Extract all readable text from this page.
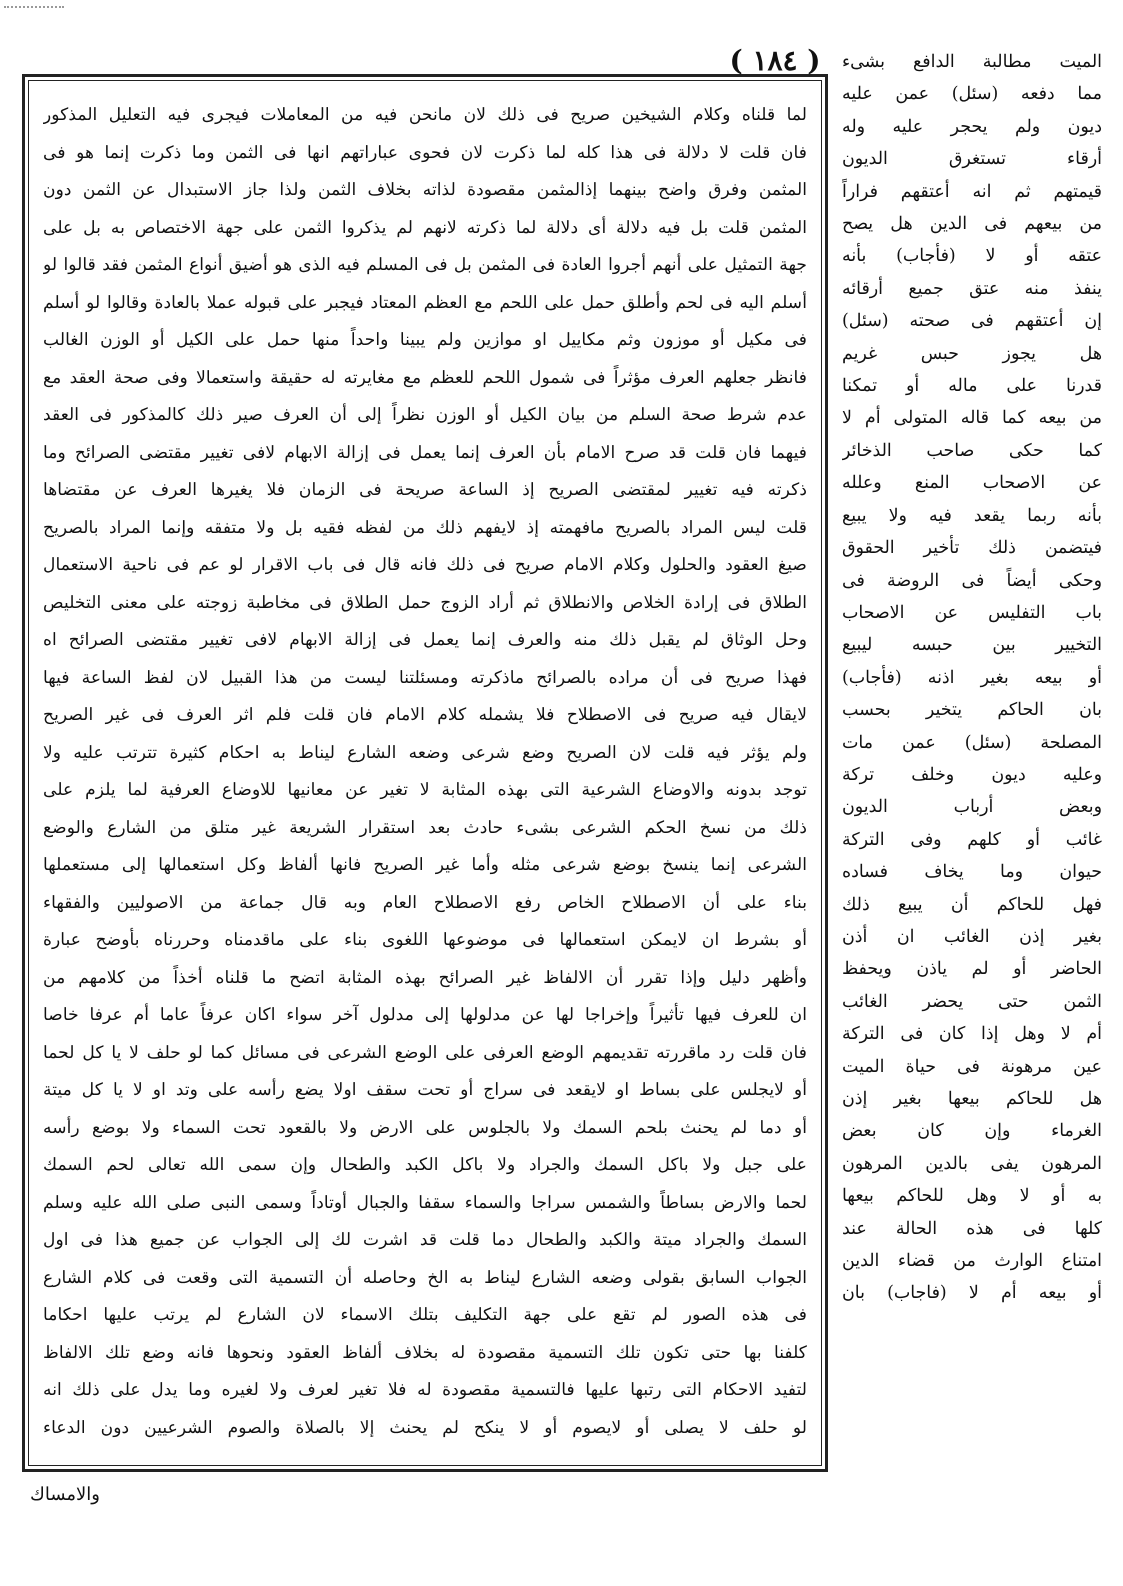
( ١٨٤ )

لما قلناه وكلام الشيخين صريح فى ذلك لان مانحن فيه من المعاملات فيجرى فيه التعليل المذكور
فان قلت لا دلالة فى هذا كله لما ذكرت لان فحوى عباراتهم انها فى الثمن وما ذكرت إنما هو فى
المثمن وفرق واضح بينهما إذالمثمن مقصودة لذاته بخلاف الثمن ولذا جاز الاستبدال عن الثمن دون
المثمن قلت بل فيه دلالة أى دلالة لما ذكرته لانهم لم يذكروا الثمن على جهة الاختصاص به بل على
جهة التمثيل على أنهم أجروا العادة فى المثمن بل فى المسلم فيه الذى هو أضيق أنواع المثمن فقد قالوا لو
أسلم اليه فى لحم وأطلق حمل على اللحم مع العظم المعتاد فيجبر على قبوله عملا بالعادة وقالوا لو أسلم
فى مكيل أو موزون وثم مكاييل او موازين ولم يبينا واحداً منها حمل على الكيل أو الوزن الغالب
فانظر جعلهم العرف مؤثراً فى شمول اللحم للعظم مع مغايرته له حقيقة واستعمالا وفى صحة العقد مع
عدم شرط صحة السلم من بيان الكيل أو الوزن نظراً إلى أن العرف صير ذلك كالمذكور فى العقد
فيهما فان قلت قد صرح الامام بأن العرف إنما يعمل فى إزالة الابهام لافى تغيير مقتضى الصرائح وما
ذكرته فيه تغيير لمقتضى الصريح إذ الساعة صريحة فى الزمان فلا يغيرها العرف عن مقتضاها
قلت ليس المراد بالصريح مافهمته إذ لايفهم ذلك من لفظه فقيه بل ولا متفقه وإنما المراد بالصريح
صيغ العقود والحلول وكلام الامام صريح فى ذلك فانه قال فى باب الاقرار لو عم فى ناحية الاستعمال
الطلاق فى إرادة الخلاص والانطلاق ثم أراد الزوج حمل الطلاق فى مخاطبة زوجته على معنى التخليص
وحل الوثاق لم يقبل ذلك منه والعرف إنما يعمل فى إزالة الابهام لافى تغيير مقتضى الصرائح اه
فهذا صريح فى أن مراده بالصرائح ماذكرته ومسئلتنا ليست من هذا القبيل لان لفظ الساعة فيها
لايقال فيه صريح فى الاصطلاح فلا يشمله كلام الامام فان قلت فلم اثر العرف فى غير الصريح
ولم يؤثر فيه قلت لان الصريح وضع شرعى وضعه الشارع ليناط به احكام كثيرة تترتب عليه ولا
توجد بدونه والاوضاع الشرعية التى بهذه المثابة لا تغير عن معانيها للاوضاع العرفية لما يلزم على
ذلك من نسخ الحكم الشرعى بشىء حادث بعد استقرار الشريعة غير متلق من الشارع والوضع
الشرعى إنما ينسخ بوضع شرعى مثله وأما غير الصريح فانها ألفاظ وكل استعمالها إلى مستعملها
بناء على أن الاصطلاح الخاص رفع الاصطلاح العام وبه قال جماعة من الاصوليين والفقهاء
أو بشرط ان لايمكن استعمالها فى موضوعها اللغوى بناء على ماقدمناه وحررناه بأوضح عبارة
وأظهر دليل وإذا تقرر أن الالفاظ غير الصرائح بهذه المثابة اتضح ما قلناه أخذاً من كلامهم من
ان للعرف فيها تأثيراً وإخراجا لها عن مدلولها إلى مدلول آخر سواء اكان عرفاً عاما أم عرفا خاصا
فان قلت رد ماقررته تقديمهم الوضع العرفى على الوضع الشرعى فى مسائل كما لو حلف لا يا كل لحما
أو لايجلس على بساط او لايقعد فى سراج أو تحت سقف اولا يضع رأسه على وتد او لا يا كل ميتة
أو دما لم يحنث بلحم السمك ولا بالجلوس على الارض ولا بالقعود تحت السماء ولا بوضع رأسه
على جبل ولا باكل السمك والجراد ولا باكل الكبد والطحال وإن سمى الله تعالى لحم السمك
لحما والارض بساطاً والشمس سراجا والسماء سقفا والجبال أوتاداً وسمى النبى صلى الله عليه وسلم
السمك والجراد ميتة والكبد والطحال دما قلت قد اشرت لك إلى الجواب عن جميع هذا فى اول
الجواب السابق بقولى وضعه الشارع ليناط به الخ وحاصله أن التسمية التى وقعت فى كلام الشارع
فى هذه الصور لم تقع على جهة التكليف بتلك الاسماء لان الشارع لم يرتب عليها احكاما
كلفنا بها حتى تكون تلك التسمية مقصودة له بخلاف ألفاظ العقود ونحوها فانه وضع تلك الالفاظ
لتفيد الاحكام التى رتبها عليها فالتسمية مقصودة له فلا تغير لعرف ولا لغيره وما يدل على ذلك انه
لو حلف لا يصلى أو لايصوم أو لا ينكح لم يحنث إلا بالصلاة والصوم الشرعيين دون الدعاء

الميت مطالبة الدافع بشىء
مما دفعه (سئل) عمن عليه
ديون ولم يحجر عليه وله
أرقاء تستغرق الديون
قيمتهم ثم انه أعتقهم فراراً
من بيعهم فى الدين هل يصح
عتقه أو لا (فأجاب) بأنه
ينفذ منه عتق جميع أرقائه
إن أعتقهم فى صحته (سئل)
هل يجوز حبس غريم
قدرنا على ماله أو تمكنا
من بيعه كما قاله المتولى أم لا
كما حكى صاحب الذخائر
عن الاصحاب المنع وعلله
بأنه ربما يقعد فيه ولا يبيع
فيتضمن ذلك تأخير الحقوق
وحكى أيضاً فى الروضة فى
باب التفليس عن الاصحاب
التخيير بين حبسه ليبيع
أو بيعه بغير اذنه (فأجاب)
بان الحاكم يتخير بحسب
المصلحة (سئل) عمن مات
وعليه ديون وخلف تركة
وبعض أرباب الديون
غائب أو كلهم وفى التركة
حيوان وما يخاف فساده
فهل للحاكم أن يبيع ذلك
بغير إذن الغائب ان أذن
الحاضر أو لم ياذن ويحفظ
الثمن حتى يحضر الغائب
أم لا وهل إذا كان فى التركة
عين مرهونة فى حياة الميت
هل للحاكم بيعها بغير إذن
الغرماء وإن كان بعض
المرهون يفى بالدين المرهون
به أو لا وهل للحاكم بيعها
كلها فى هذه الحالة عند
امتناع الوارث من قضاء الدين
أو بيعه أم لا (فاجاب) بان
والامساك
